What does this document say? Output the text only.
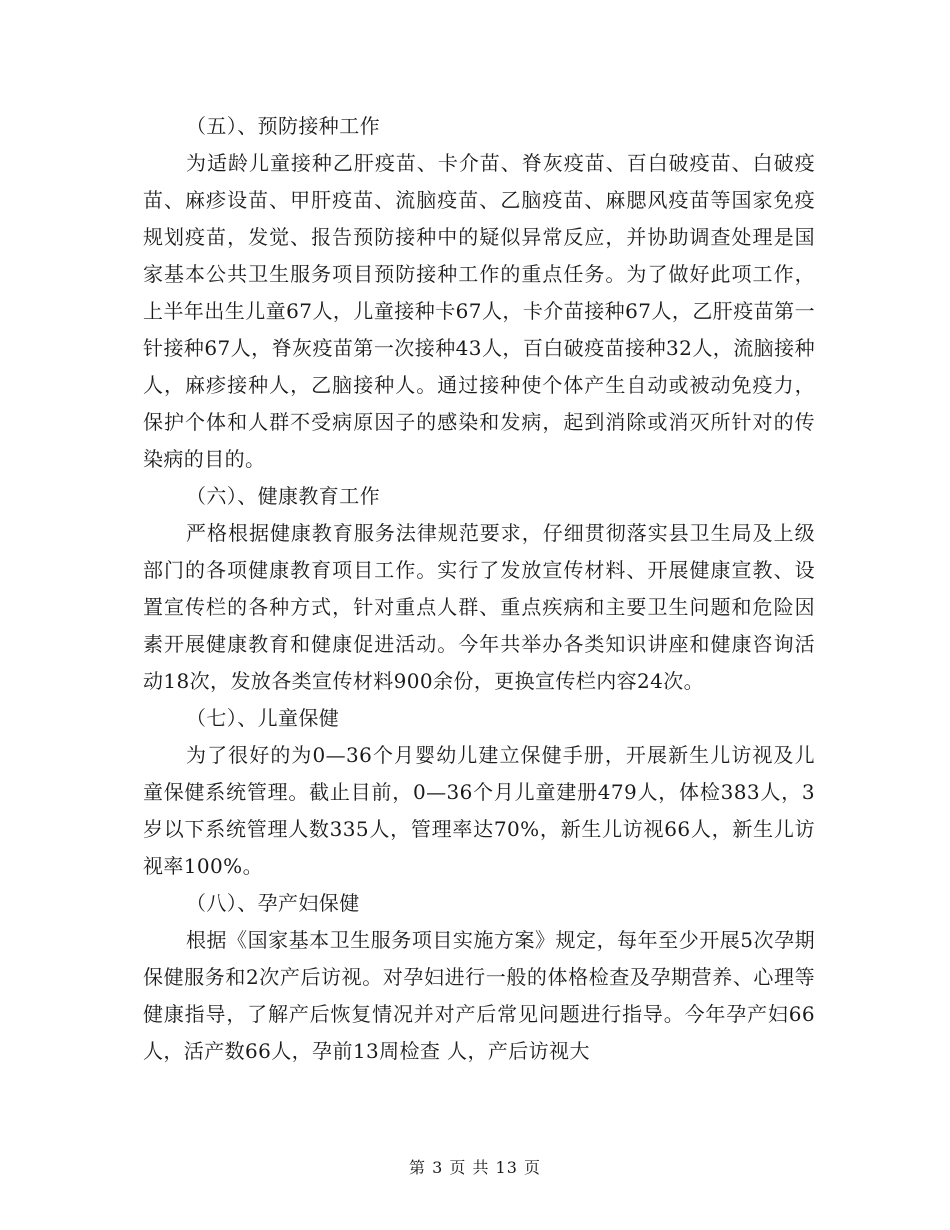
（五）、预防接种工作

为适龄儿童接种乙肝疫苗、卡介苗、脊灰疫苗、百白破疫苗、白破疫苗、麻疹设苗、甲肝疫苗、流脑疫苗、乙脑疫苗、麻腮风疫苗等国家免疫规划疫苗，发觉、报告预防接种中的疑似异常反应，并协助调查处理是国家基本公共卫生服务项目预防接种工作的重点任务。为了做好此项工作，上半年出生儿童67人，儿童接种卡67人，卡介苗接种67人，乙肝疫苗第一针接种67人，脊灰疫苗第一次接种43人，百白破疫苗接种32人，流脑接种人，麻疹接种人，乙脑接种人。通过接种使个体产生自动或被动免疫力，保护个体和人群不受病原因子的感染和发病，起到消除或消灭所针对的传染病的目的。

（六）、健康教育工作

严格根据健康教育服务法律规范要求，仔细贯彻落实县卫生局及上级部门的各项健康教育项目工作。实行了发放宣传材料、开展健康宣教、设置宣传栏的各种方式，针对重点人群、重点疾病和主要卫生问题和危险因素开展健康教育和健康促进活动。今年共举办各类知识讲座和健康咨询活动18次，发放各类宣传材料900余份，更换宣传栏内容24次。

（七）、儿童保健

为了很好的为0—36个月婴幼儿建立保健手册，开展新生儿访视及儿童保健系统管理。截止目前，0—36个月儿童建册479人，体检383人，3岁以下系统管理人数335人，管理率达70%，新生儿访视66人，新生儿访视率100%。

（八）、孕产妇保健

根据《国家基本卫生服务项目实施方案》规定，每年至少开展5次孕期保健服务和2次产后访视。对孕妇进行一般的体格检查及孕期营养、心理等健康指导，了解产后恢复情况并对产后常见问题进行指导。今年孕产妇66人，活产数66人，孕前13周检查 人，产后访视大

第 3 页 共 13 页
